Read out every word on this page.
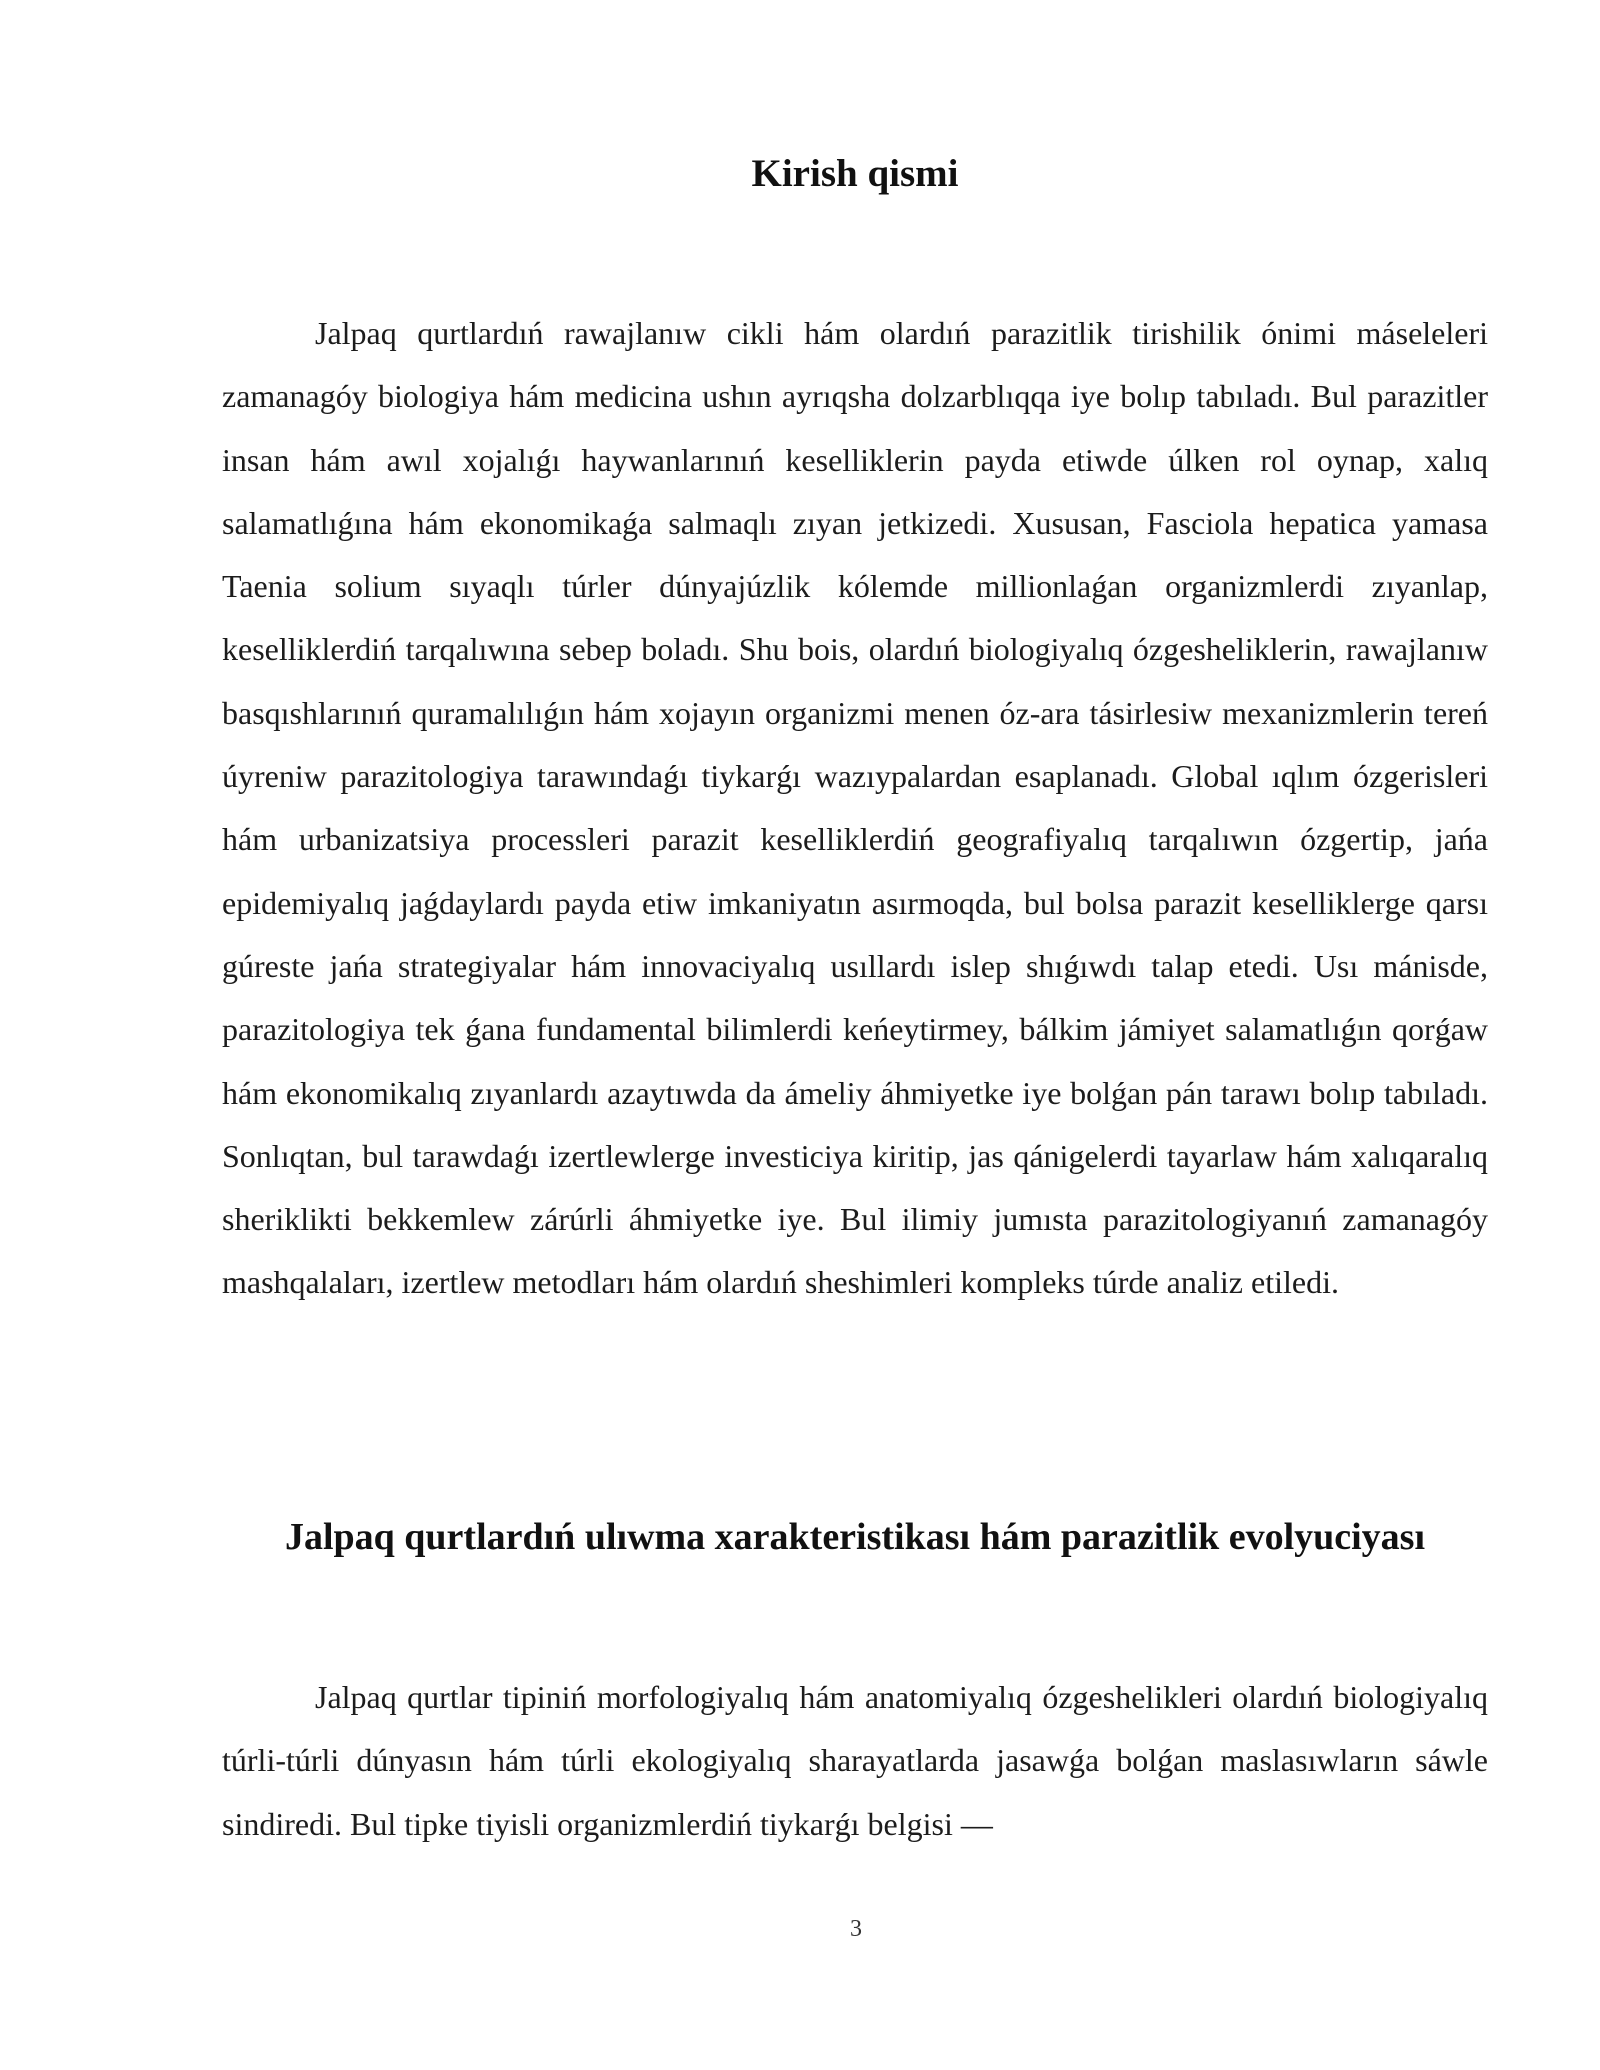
Kirish qismi

Jalpaq qurtlardıń rawajlanıw cikli hám olardıń parazitlik tirishilik ónimi máseleleri zamanagóy biologiya hám medicina ushın ayrıqsha dolzarblıqqa iye bolıp tabıladı. Bul parazitler insan hám awıl xojalıǵı haywanlarınıń keselliklerin payda etiwde úlken rol oynap, xalıq salamatlıǵına hám ekonomikaǵa salmaqlı zıyan jetkizedi. Xususan, Fasciola hepatica yamasa Taenia solium sıyaqlı túrler dúnyajúzlik kólemde millionlaǵan organizmlerdi zıyanlap, keselliklerdiń tarqalıwına sebep boladı. Shu bois, olardıń biologiyalıq ózgesheliklerin, rawajlanıw basqıshlarınıń quramalılıǵın hám xojayın organizmi menen óz-ara tásirlesiw mexanizmlerin tereń úyreniw parazitologiya tarawındaǵı tiykarǵı wazıypalardan esaplanadı. Global ıqlım ózgerisleri hám urbanizatsiya processleri parazit keselliklerdiń geografiyalıq tarqalıwın ózgertip, jańa epidemiyalıq jaǵdaylardı payda etiw imkaniyatın asırmoqda, bul bolsa parazit keselliklerge qarsı gúreste jańa strategiyalar hám innovaciyalıq usıllardı islep shıǵıwdı talap etedi. Usı mánisde, parazitologiya tek ǵana fundamental bilimlerdi keńeytirmey, bálkim jámiyet salamatlıǵın qorǵaw hám ekonomikalıq zıyanlardı azaytıwda da ámeliy áhmiyetke iye bolǵan pán tarawı bolıp tabıladı. Sonlıqtan, bul tarawdaǵı izertlewlerge investiciya kiritip, jas qánigelerdi tayarlaw hám xalıqaralıq sheriklikti bekkemlew zárúrli áhmiyetke iye. Bul ilimiy jumısta parazitologiyanıń zamanagóy mashqalaları, izertlew metodları hám olardıń sheshimleri kompleks túrde analiz etiledi.

Jalpaq qurtlardıń ulıwma xarakteristikası hám parazitlik evolyuciyası

Jalpaq qurtlar tipiniń morfologiyalıq hám anatomiyalıq ózgeshelikleri olardıń biologiyalıq túrli-túrli dúnyasın hám túrli ekologiyalıq sharayatlarda jasawǵa bolǵan maslasıwların sáwle sindiredi. Bul tipke tiyisli organizmlerdiń tiykarǵı belgisi —

3
